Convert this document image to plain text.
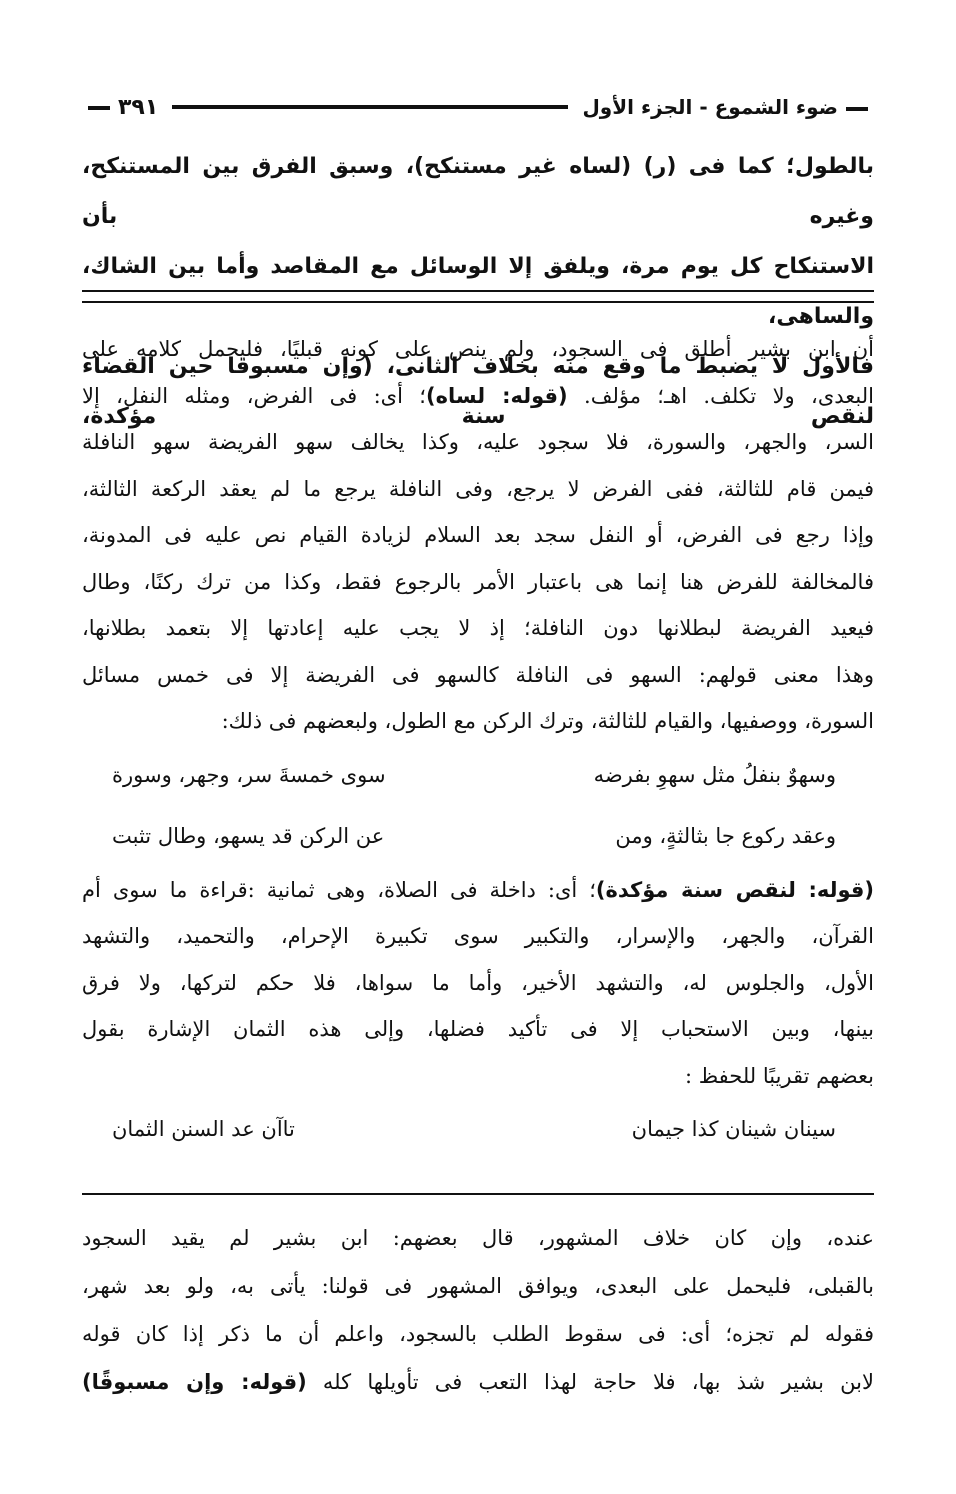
ضوء الشموع - الجزء الأول
٣٩١

بالطول؛ كما فى (ر) (لساه غير مستنكح)، وسبق الفرق بين المستنكح، وغيره بأن

الاستنكاح كل يوم مرة، ويلفق إلا الوسائل مع المقاصد وأما بين الشاك، والساهى،

فالأول لا يضبط ما وقع منه بخلاف الثانى، (وإن مسبوقا حين القضاء لنقص سنة مؤكدة،

أن ابن بشير أطلق فى السجود، ولم ينص على كونه قبليًا، فليحمل كلامه على

البعدى، ولا تكلف. اهـ؛ مؤلف. (قوله: لساه)؛ أى: فى الفرض، ومثله النفل، إلا

السر، والجهر، والسورة، فلا سجود عليه، وكذا يخالف سهو الفريضة سهو النافلة

فيمن قام للثالثة، ففى الفرض لا يرجع، وفى النافلة يرجع ما لم يعقد الركعة الثالثة،

وإذا رجع فى الفرض، أو النفل سجد بعد السلام لزيادة القيام نص عليه فى المدونة،

فالمخالفة للفرض هنا إنما هى باعتبار الأمر بالرجوع فقط، وكذا من ترك ركنًا، وطال

فيعيد الفريضة لبطلانها دون النافلة؛ إذ لا يجب عليه إعادتها إلا بتعمد بطلانها،

وهذا معنى قولهم: السهو فى النافلة كالسهو فى الفريضة إلا فى خمس مسائل

السورة، ووصفيها، والقيام للثالثة، وترك الركن مع الطول، ولبعضهم فى ذلك:

وسهوٌ بنفلُ مثل سهوِ بفرضه
سوى خمسةَ سر، وجهر، وسورة
وعقد ركوع جا بثالثةٍ، ومن
عن الركن قد يسهو، وطال تثبت

(قوله: لنقص سنة مؤكدة)؛ أى: داخلة فى الصلاة، وهى ثمانية :قراءة ما سوى أم

القرآن، والجهر، والإسرار، والتكبير سوى تكبيرة الإحرام، والتحميد، والتشهد

الأول، والجلوس له، والتشهد الأخير، وأما ما سواها، فلا حكم لتركها، ولا فرق

بينها، وبين الاستحباب إلا فى تأكيد فضلها، وإلى هذه الثمان الإشارة بقول

بعضهم تقريبًا للحفظ :

سينان شينان كذا جيمان
تاآن عد السنن الثمان

عنده، وإن كان خلاف المشهور، قال بعضهم: ابن بشير لم يقيد السجود

بالقبلى، فليحمل على البعدى، ويوافق المشهور فى قولنا: يأتى به، ولو بعد شهر،

فقوله لم تجزه؛ أى: فى سقوط الطلب بالسجود، واعلم أن ما ذكر إذا كان قوله

لابن بشير شذ بها، فلا حاجة لهذا التعب فى تأويلها كله (قوله: وإن مسبوقًا)
